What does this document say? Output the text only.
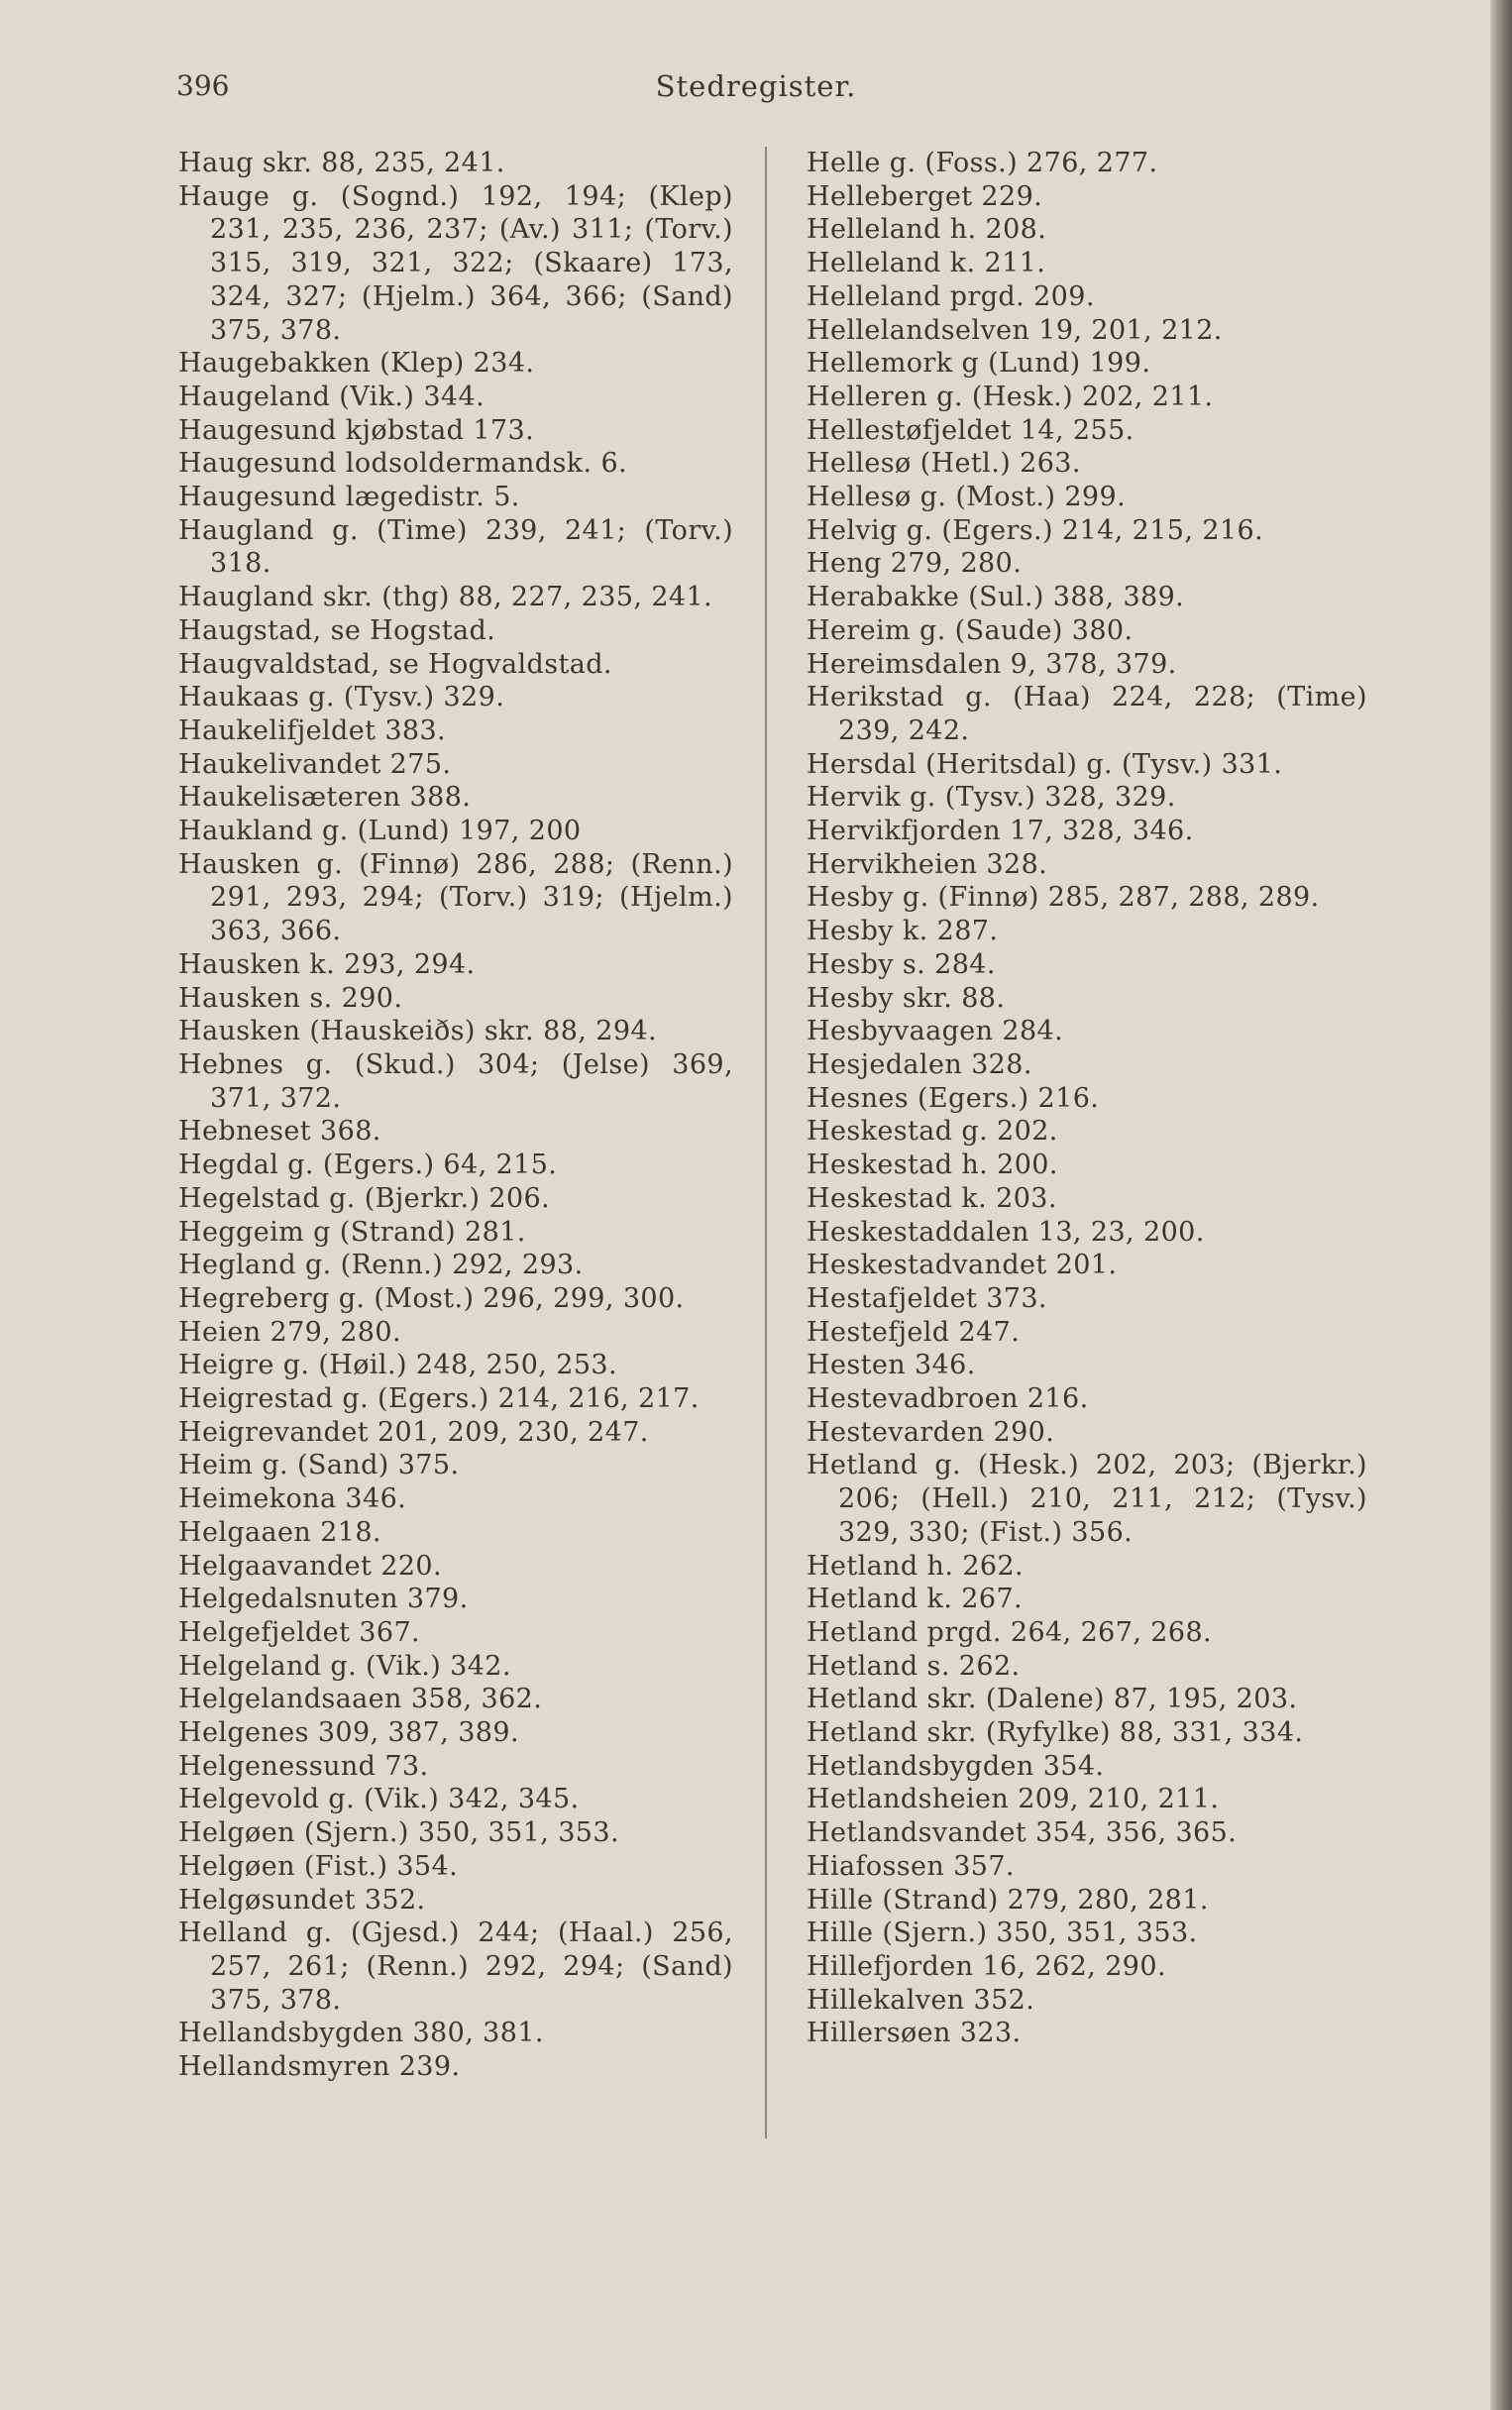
396	Stedregister.
Haug skr. 88, 235, 241.
Hauge g. (Sognd.) 192, 194; (Klep) 231, 235, 236, 237; (Av.) 311; (Torv.) 315, 319, 321, 322; (Skaare) 173, 324, 327; (Hjelm.) 364, 366; (Sand) 375, 378.
Haugebakken (Klep) 234.
Haugeland (Vik.) 344.
Haugesund kjøbstad 173.
Haugesund lodsoldermandsk. 6.
Haugesund lægedistr. 5.
Haugland g. (Time) 239, 241; (Torv.) 318.
Haugland skr. (thg) 88, 227, 235, 241.
Haugstad, se Hogstad.
Haugvaldstad, se Hogvaldstad.
Haukaas g. (Tysv.) 329.
Haukelifjeldet 383.
Haukelivandet 275.
Haukelisæteren 388.
Haukland g. (Lund) 197, 200
Hausken g. (Finnø) 286, 288; (Renn.) 291, 293, 294; (Torv.) 319; (Hjelm.) 363, 366.
Hausken k. 293, 294.
Hausken s. 290.
Hausken (Hauskeiðs) skr. 88, 294.
Hebnes g. (Skud.) 304; (Jelse) 369, 371, 372.
Hebneset 368.
Hegdal g. (Egers.) 64, 215.
Hegelstad g. (Bjerkr.) 206.
Heggeim g (Strand) 281.
Hegland g. (Renn.) 292, 293.
Hegreberg g. (Most.) 296, 299, 300.
Heien 279, 280.
Heigre g. (Høil.) 248, 250, 253.
Heigrestad g. (Egers.) 214, 216, 217.
Heigrevandet 201, 209, 230, 247.
Heim g. (Sand) 375.
Heimekona 346.
Helgaaen 218.
Helgaavandet 220.
Helgedalsnuten 379.
Helgefjeldet 367.
Helgeland g. (Vik.) 342.
Helgelandsaaen 358, 362.
Helgenes 309, 387, 389.
Helgenessund 73.
Helgevold g. (Vik.) 342, 345.
Helgøen (Sjern.) 350, 351, 353.
Helgøen (Fist.) 354.
Helgøsundet 352.
Helland g. (Gjesd.) 244; (Haal.) 256, 257, 261; (Renn.) 292, 294; (Sand) 375, 378.
Hellandsbygden 380, 381.
Hellandsmyren 239.
Helle g. (Foss.) 276, 277.
Helleberget 229.
Helleland h. 208.
Helleland k. 211.
Helleland prgd. 209.
Hellelandselven 19, 201, 212.
Hellemork g (Lund) 199.
Helleren g. (Hesk.) 202, 211.
Hellestøfjeldet 14, 255.
Hellesø (Hetl.) 263.
Hellesø g. (Most.) 299.
Helvig g. (Egers.) 214, 215, 216.
Heng 279, 280.
Herabakke (Sul.) 388, 389.
Hereim g. (Saude) 380.
Hereimsdalen 9, 378, 379.
Herikstad g. (Haa) 224, 228; (Time) 239, 242.
Hersdal (Heritsdal) g. (Tysv.) 331.
Hervik g. (Tysv.) 328, 329.
Hervikfjorden 17, 328, 346.
Hervikheien 328.
Hesby g. (Finnø) 285, 287, 288, 289.
Hesby k. 287.
Hesby s. 284.
Hesby skr. 88.
Hesbyvaagen 284.
Hesjedalen 328.
Hesnes (Egers.) 216.
Heskestad g. 202.
Heskestad h. 200.
Heskestad k. 203.
Heskestaddalen 13, 23, 200.
Heskestadvandet 201.
Hestafjeldet 373.
Hestefjeld 247.
Hesten 346.
Hestevadbroen 216.
Hestevarden 290.
Hetland g. (Hesk.) 202, 203; (Bjerkr.) 206; (Hell.) 210, 211, 212; (Tysv.) 329, 330; (Fist.) 356.
Hetland h. 262.
Hetland k. 267.
Hetland prgd. 264, 267, 268.
Hetland s. 262.
Hetland skr. (Dalene) 87, 195, 203.
Hetland skr. (Ryfylke) 88, 331, 334.
Hetlandsbygden 354.
Hetlandsheien 209, 210, 211.
Hetlandsvandet 354, 356, 365.
Hiafossen 357.
Hille (Strand) 279, 280, 281.
Hille (Sjern.) 350, 351, 353.
Hillefjorden 16, 262, 290.
Hillekalven 352.
Hillersøen 323.
